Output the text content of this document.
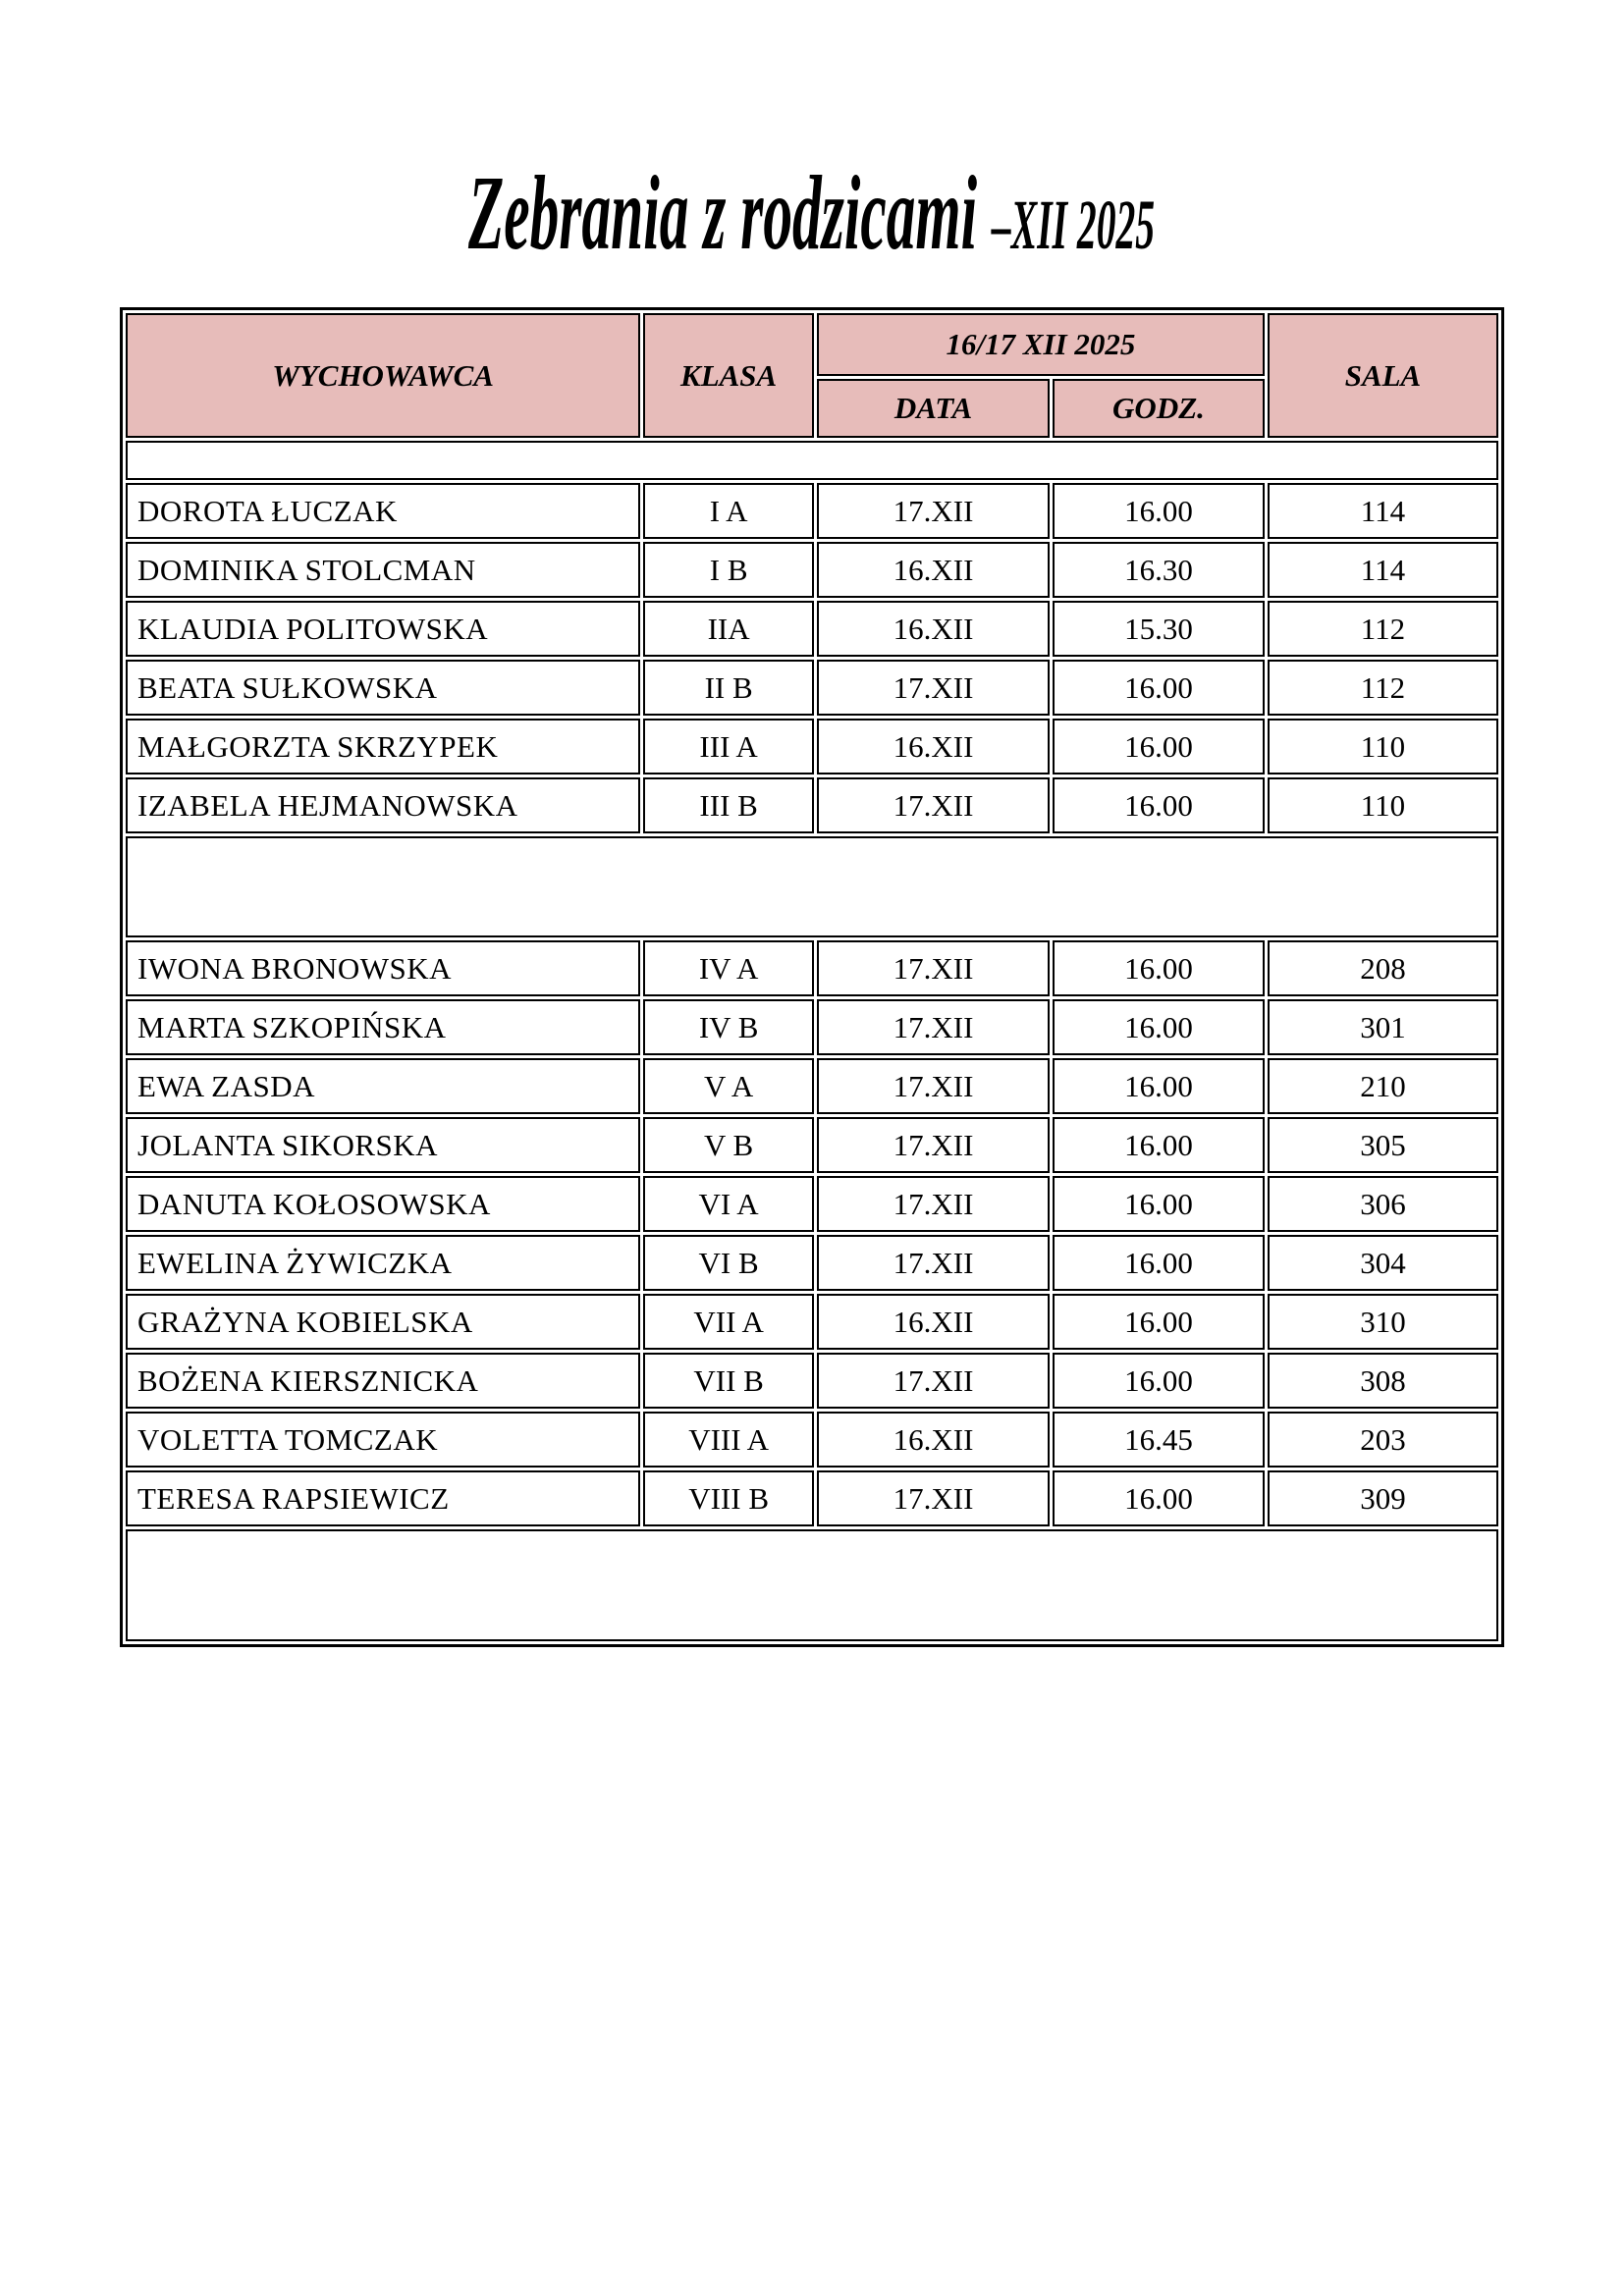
Zebrania z rodzicami –XII 2025
WYCHOWAWCA	KLASA	16/17 XII 2025		SALA
		DATA	GODZ.	

DOROTA ŁUCZAK	I A	17.XII	16.00	114
DOMINIKA STOLCMAN	I B	16.XII	16.30	114
KLAUDIA POLITOWSKA	IIA	16.XII	15.30	112
BEATA SUŁKOWSKA	II B	17.XII	16.00	112
MAŁGORZTA SKRZYPEK	III A	16.XII	16.00	110
IZABELA HEJMANOWSKA	III B	17.XII	16.00	110

IWONA BRONOWSKA	IV A	17.XII	16.00	208
MARTA SZKOPIŃSKA	IV B	17.XII	16.00	301
EWA ZASDA	V A	17.XII	16.00	210
JOLANTA SIKORSKA	V B	17.XII	16.00	305
DANUTA KOŁOSOWSKA	VI A	17.XII	16.00	306
EWELINA ŻYWICZKA	VI B	17.XII	16.00	304
GRAŻYNA KOBIELSKA	VII A	16.XII	16.00	310
BOŻENA KIERSZNICKA	VII B	17.XII	16.00	308
VOLETTA TOMCZAK	VIII A	16.XII	16.45	203
TERESA RAPSIEWICZ	VIII B	17.XII	16.00	309
